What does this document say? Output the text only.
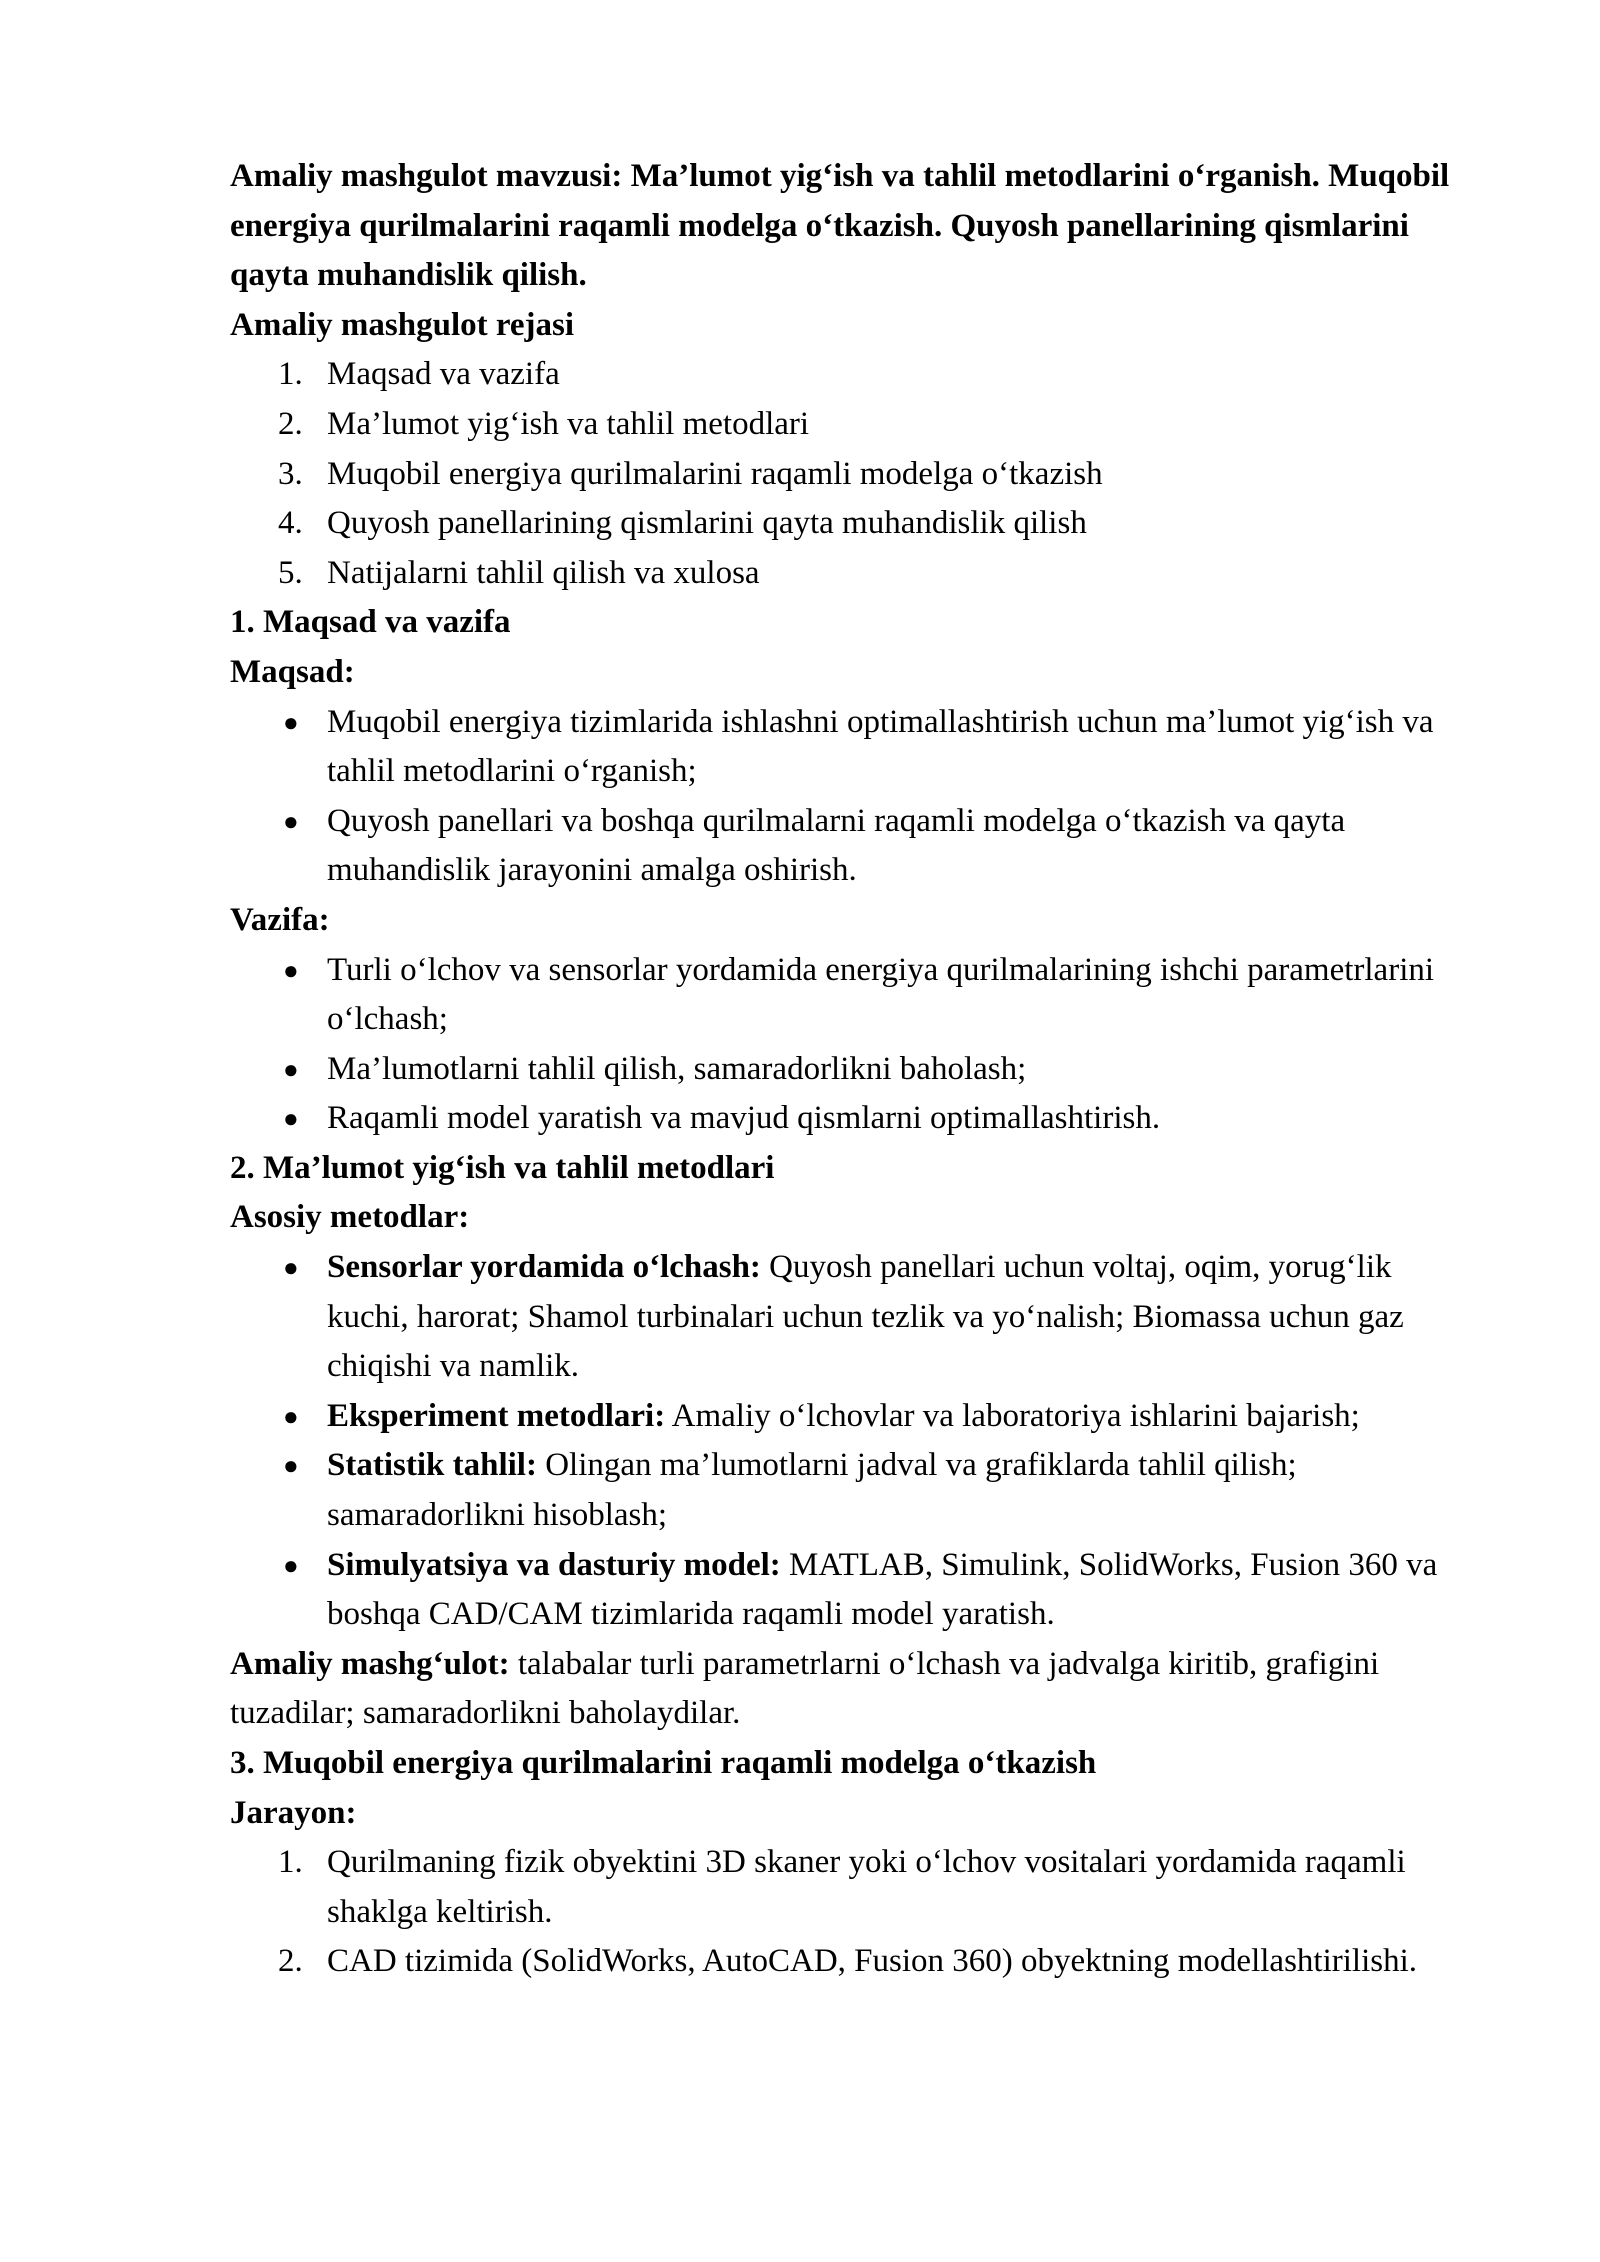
Amaliy mashgulot mavzusi: Ma’lumot yig‘ish va tahlil metodlarini o‘rganish. Muqobil energiya qurilmalarini raqamli modelga o‘tkazish. Quyosh panellarining qismlarini qayta muhandislik qilish.

Amaliy mashgulot rejasi

1. Maqsad va vazifa
2. Ma’lumot yig‘ish va tahlil metodlari
3. Muqobil energiya qurilmalarini raqamli modelga o‘tkazish
4. Quyosh panellarining qismlarini qayta muhandislik qilish
5. Natijalarni tahlil qilish va xulosa

1. Maqsad va vazifa

Maqsad:

● Muqobil energiya tizimlarida ishlashni optimallashtirish uchun ma’lumot yig‘ish va tahlil metodlarini o‘rganish;
● Quyosh panellari va boshqa qurilmalarni raqamli modelga o‘tkazish va qayta muhandislik jarayonini amalga oshirish.

Vazifa:

● Turli o‘lchov va sensorlar yordamida energiya qurilmalarining ishchi parametrlarini o‘lchash;
● Ma’lumotlarni tahlil qilish, samaradorlikni baholash;
● Raqamli model yaratish va mavjud qismlarni optimallashtirish.

2. Ma’lumot yig‘ish va tahlil metodlari

Asosiy metodlar:

● Sensorlar yordamida o‘lchash: Quyosh panellari uchun voltaj, oqim, yorug‘lik kuchi, harorat; Shamol turbinalari uchun tezlik va yo‘nalish; Biomassa uchun gaz chiqishi va namlik.
● Eksperiment metodlari: Amaliy o‘lchovlar va laboratoriya ishlarini bajarish;
● Statistik tahlil: Olingan ma’lumotlarni jadval va grafiklarda tahlil qilish; samaradorlikni hisoblash;
● Simulyatsiya va dasturiy model: MATLAB, Simulink, SolidWorks, Fusion 360 va boshqa CAD/CAM tizimlarida raqamli model yaratish.

Amaliy mashg‘ulot: talabalar turli parametrlarni o‘lchash va jadvalga kiritib, grafigini tuzadilar; samaradorlikni baholaydilar.

3. Muqobil energiya qurilmalarini raqamli modelga o‘tkazish

Jarayon:

1. Qurilmaning fizik obyektini 3D skaner yoki o‘lchov vositalari yordamida raqamli shaklga keltirish.
2. CAD tizimida (SolidWorks, AutoCAD, Fusion 360) obyektning modellashtirilishi.
